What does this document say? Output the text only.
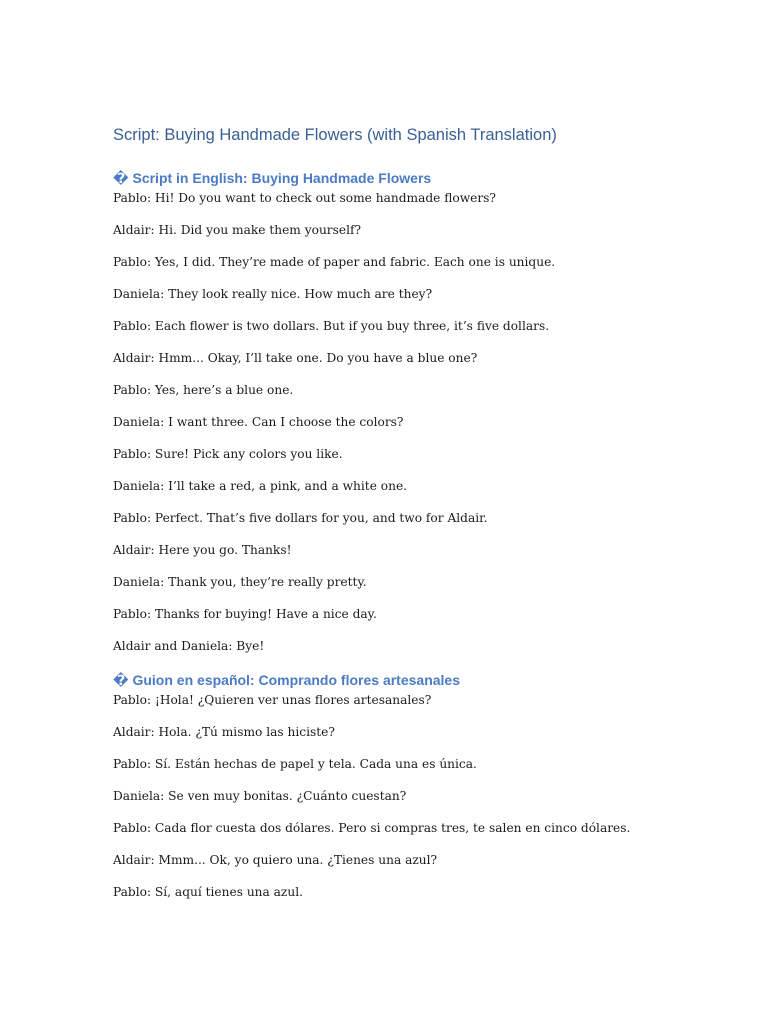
Script: Buying Handmade Flowers (with Spanish Translation)
� Script in English: Buying Handmade Flowers
Pablo: Hi! Do you want to check out some handmade flowers?
Aldair: Hi. Did you make them yourself?
Pablo: Yes, I did. They’re made of paper and fabric. Each one is unique.
Daniela: They look really nice. How much are they?
Pablo: Each flower is two dollars. But if you buy three, it’s five dollars.
Aldair: Hmm... Okay, I’ll take one. Do you have a blue one?
Pablo: Yes, here’s a blue one.
Daniela: I want three. Can I choose the colors?
Pablo: Sure! Pick any colors you like.
Daniela: I’ll take a red, a pink, and a white one.
Pablo: Perfect. That’s five dollars for you, and two for Aldair.
Aldair: Here you go. Thanks!
Daniela: Thank you, they’re really pretty.
Pablo: Thanks for buying! Have a nice day.
Aldair and Daniela: Bye!
� Guion en español: Comprando flores artesanales
Pablo: ¡Hola! ¿Quieren ver unas flores artesanales?
Aldair: Hola. ¿Tú mismo las hiciste?
Pablo: Sí. Están hechas de papel y tela. Cada una es única.
Daniela: Se ven muy bonitas. ¿Cuánto cuestan?
Pablo: Cada flor cuesta dos dólares. Pero si compras tres, te salen en cinco dólares.
Aldair: Mmm... Ok, yo quiero una. ¿Tienes una azul?
Pablo: Sí, aquí tienes una azul.
